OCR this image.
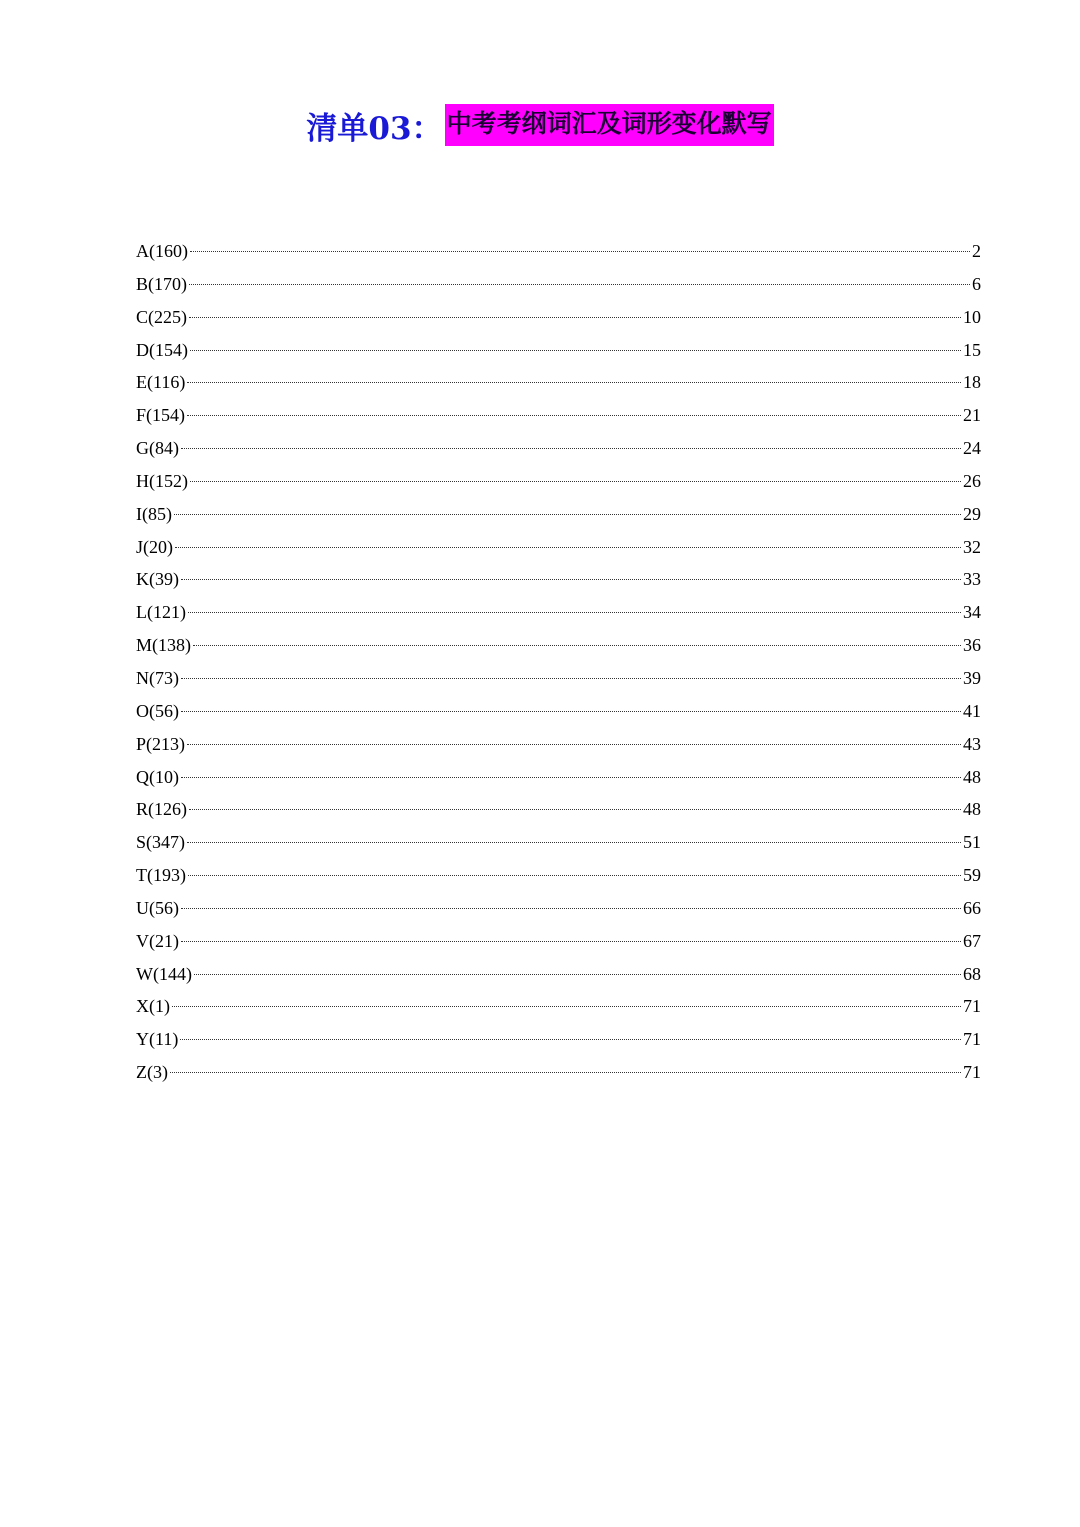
清单03： 中考考纲词汇及词形变化默写
A(160)	2
B(170)	6
C(225)	10
D(154)	15
E(116)	18
F(154)	21
G(84)	24
H(152)	26
I(85)	29
J(20)	32
K(39)	33
L(121)	34
M(138)	36
N(73)	39
O(56)	41
P(213)	43
Q(10)	48
R(126)	48
S(347)	51
T(193)	59
U(56)	66
V(21)	67
W(144)	68
X(1)	71
Y(11)	71
Z(3)	71
